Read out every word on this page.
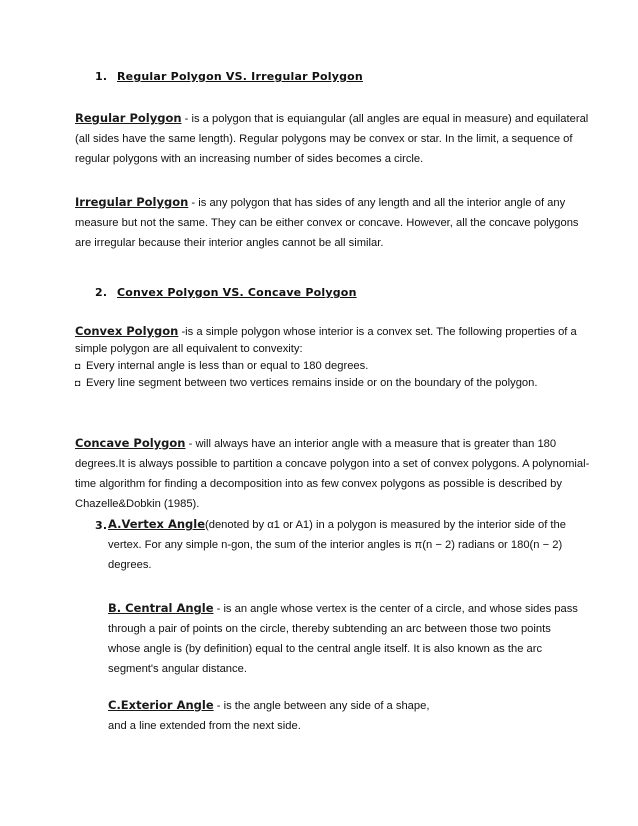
1. Regular Polygon VS. Irregular Polygon
Regular Polygon - is a polygon that is equiangular (all angles are equal in measure) and equilateral
(all sides have the same length). Regular polygons may be convex or star. In the limit, a sequence of
regular polygons with an increasing number of sides becomes a circle.
Irregular Polygon - is any polygon that has sides of any length and all the interior angle of any
measure but not the same. They can be either convex or concave. However, all the concave polygons
are irregular because their interior angles cannot be all similar.
2. Convex Polygon VS. Concave Polygon
Convex Polygon -is a simple polygon whose interior is a convex set. The following properties of a
simple polygon are all equivalent to convexity:
◘ Every internal angle is less than or equal to 180 degrees.
◘ Every line segment between two vertices remains inside or on the boundary of the polygon.
Concave Polygon - will always have an interior angle with a measure that is greater than 180
degrees.It is always possible to partition a concave polygon into a set of convex polygons. A polynomial-
time algorithm for finding a decomposition into as few convex polygons as possible is described by
Chazelle&Dobkin (1985).
3. A.Vertex Angle(denoted by α1 or A1) in a polygon is measured by the interior side of the
vertex. For any simple n-gon, the sum of the interior angles is π(n − 2) radians or 180(n − 2)
degrees.
B. Central Angle - is an angle whose vertex is the center of a circle, and whose sides pass
through a pair of points on the circle, thereby subtending an arc between those two points
whose angle is (by definition) equal to the central angle itself. It is also known as the arc
segment's angular distance.
C.Exterior Angle - is the angle between any side of a shape,
and a line extended from the next side.
